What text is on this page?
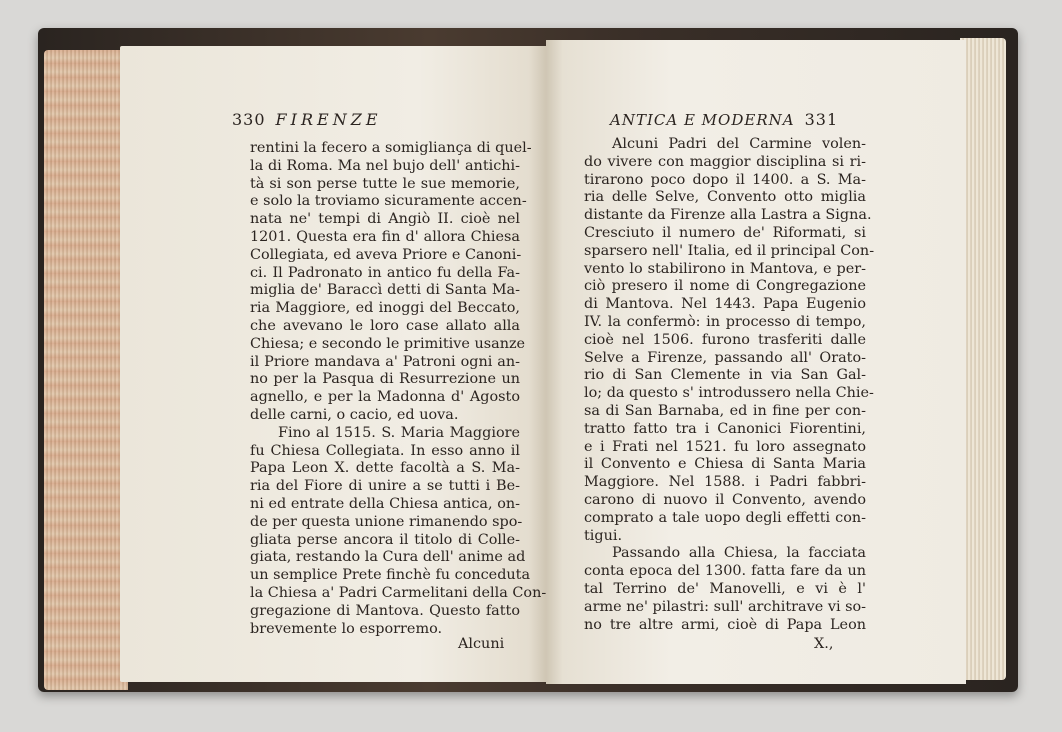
330 FIRENZE
rentini la fecero a somigliança di quel-
la di Roma. Ma nel bujo dell' antichi-
tà si son perse tutte le sue memorie,
e solo la troviamo sicuramente accen-
nata ne' tempi di Angiò II. cioè nel
1201. Questa era fin d' allora Chiesa
Collegiata, ed aveva Priore e Canoni-
ci. Il Padronato in antico fu della Fa-
miglia de' Baraccì detti di Santa Ma-
ria Maggiore, ed inoggi del Beccato,
che avevano le loro case allato alla
Chiesa; e secondo le primitive usanze
il Priore mandava a' Patroni ogni an-
no per la Pasqua di Resurrezione un
agnello, e per la Madonna d' Agosto
delle carni, o cacio, ed uova.
Fino al 1515. S. Maria Maggiore
fu Chiesa Collegiata. In esso anno il
Papa Leon X. dette facoltà a S. Ma-
ria del Fiore di unire a se tutti i Be-
ni ed entrate della Chiesa antica, on-
de per questa unione rimanendo spo-
gliata perse ancora il titolo di Colle-
giata, restando la Cura dell' anime ad
un semplice Prete finchè fu conceduta
la Chiesa a' Padri Carmelitani della Con-
gregazione di Mantova. Questo fatto
brevemente lo esporremo.
Alcuni
ANTICA E MODERNA 331
Alcuni Padri del Carmine volen-
do vivere con maggior disciplina si ri-
tirarono poco dopo il 1400. a S. Ma-
ria delle Selve, Convento otto miglia
distante da Firenze alla Lastra a Signa.
Cresciuto il numero de' Riformati, si
sparsero nell' Italia, ed il principal Con-
vento lo stabilirono in Mantova, e per-
ciò presero il nome di Congregazione
di Mantova. Nel 1443. Papa Eugenio
IV. la confermò: in processo di tempo,
cioè nel 1506. furono trasferiti dalle
Selve a Firenze, passando all' Orato-
rio di San Clemente in via San Gal-
lo; da questo s' introdussero nella Chie-
sa di San Barnaba, ed in fine per con-
tratto fatto tra i Canonici Fiorentini,
e i Frati nel 1521. fu loro assegnato
il Convento e Chiesa di Santa Maria
Maggiore. Nel 1588. i Padri fabbri-
carono di nuovo il Convento, avendo
comprato a tale uopo degli effetti con-
tigui.
Passando alla Chiesa, la facciata
conta epoca del 1300. fatta fare da un
tal Terrino de' Manovelli, e vi è l'
arme ne' pilastri: sull' architrave vi so-
no tre altre armi, cioè di Papa Leon
X.,
